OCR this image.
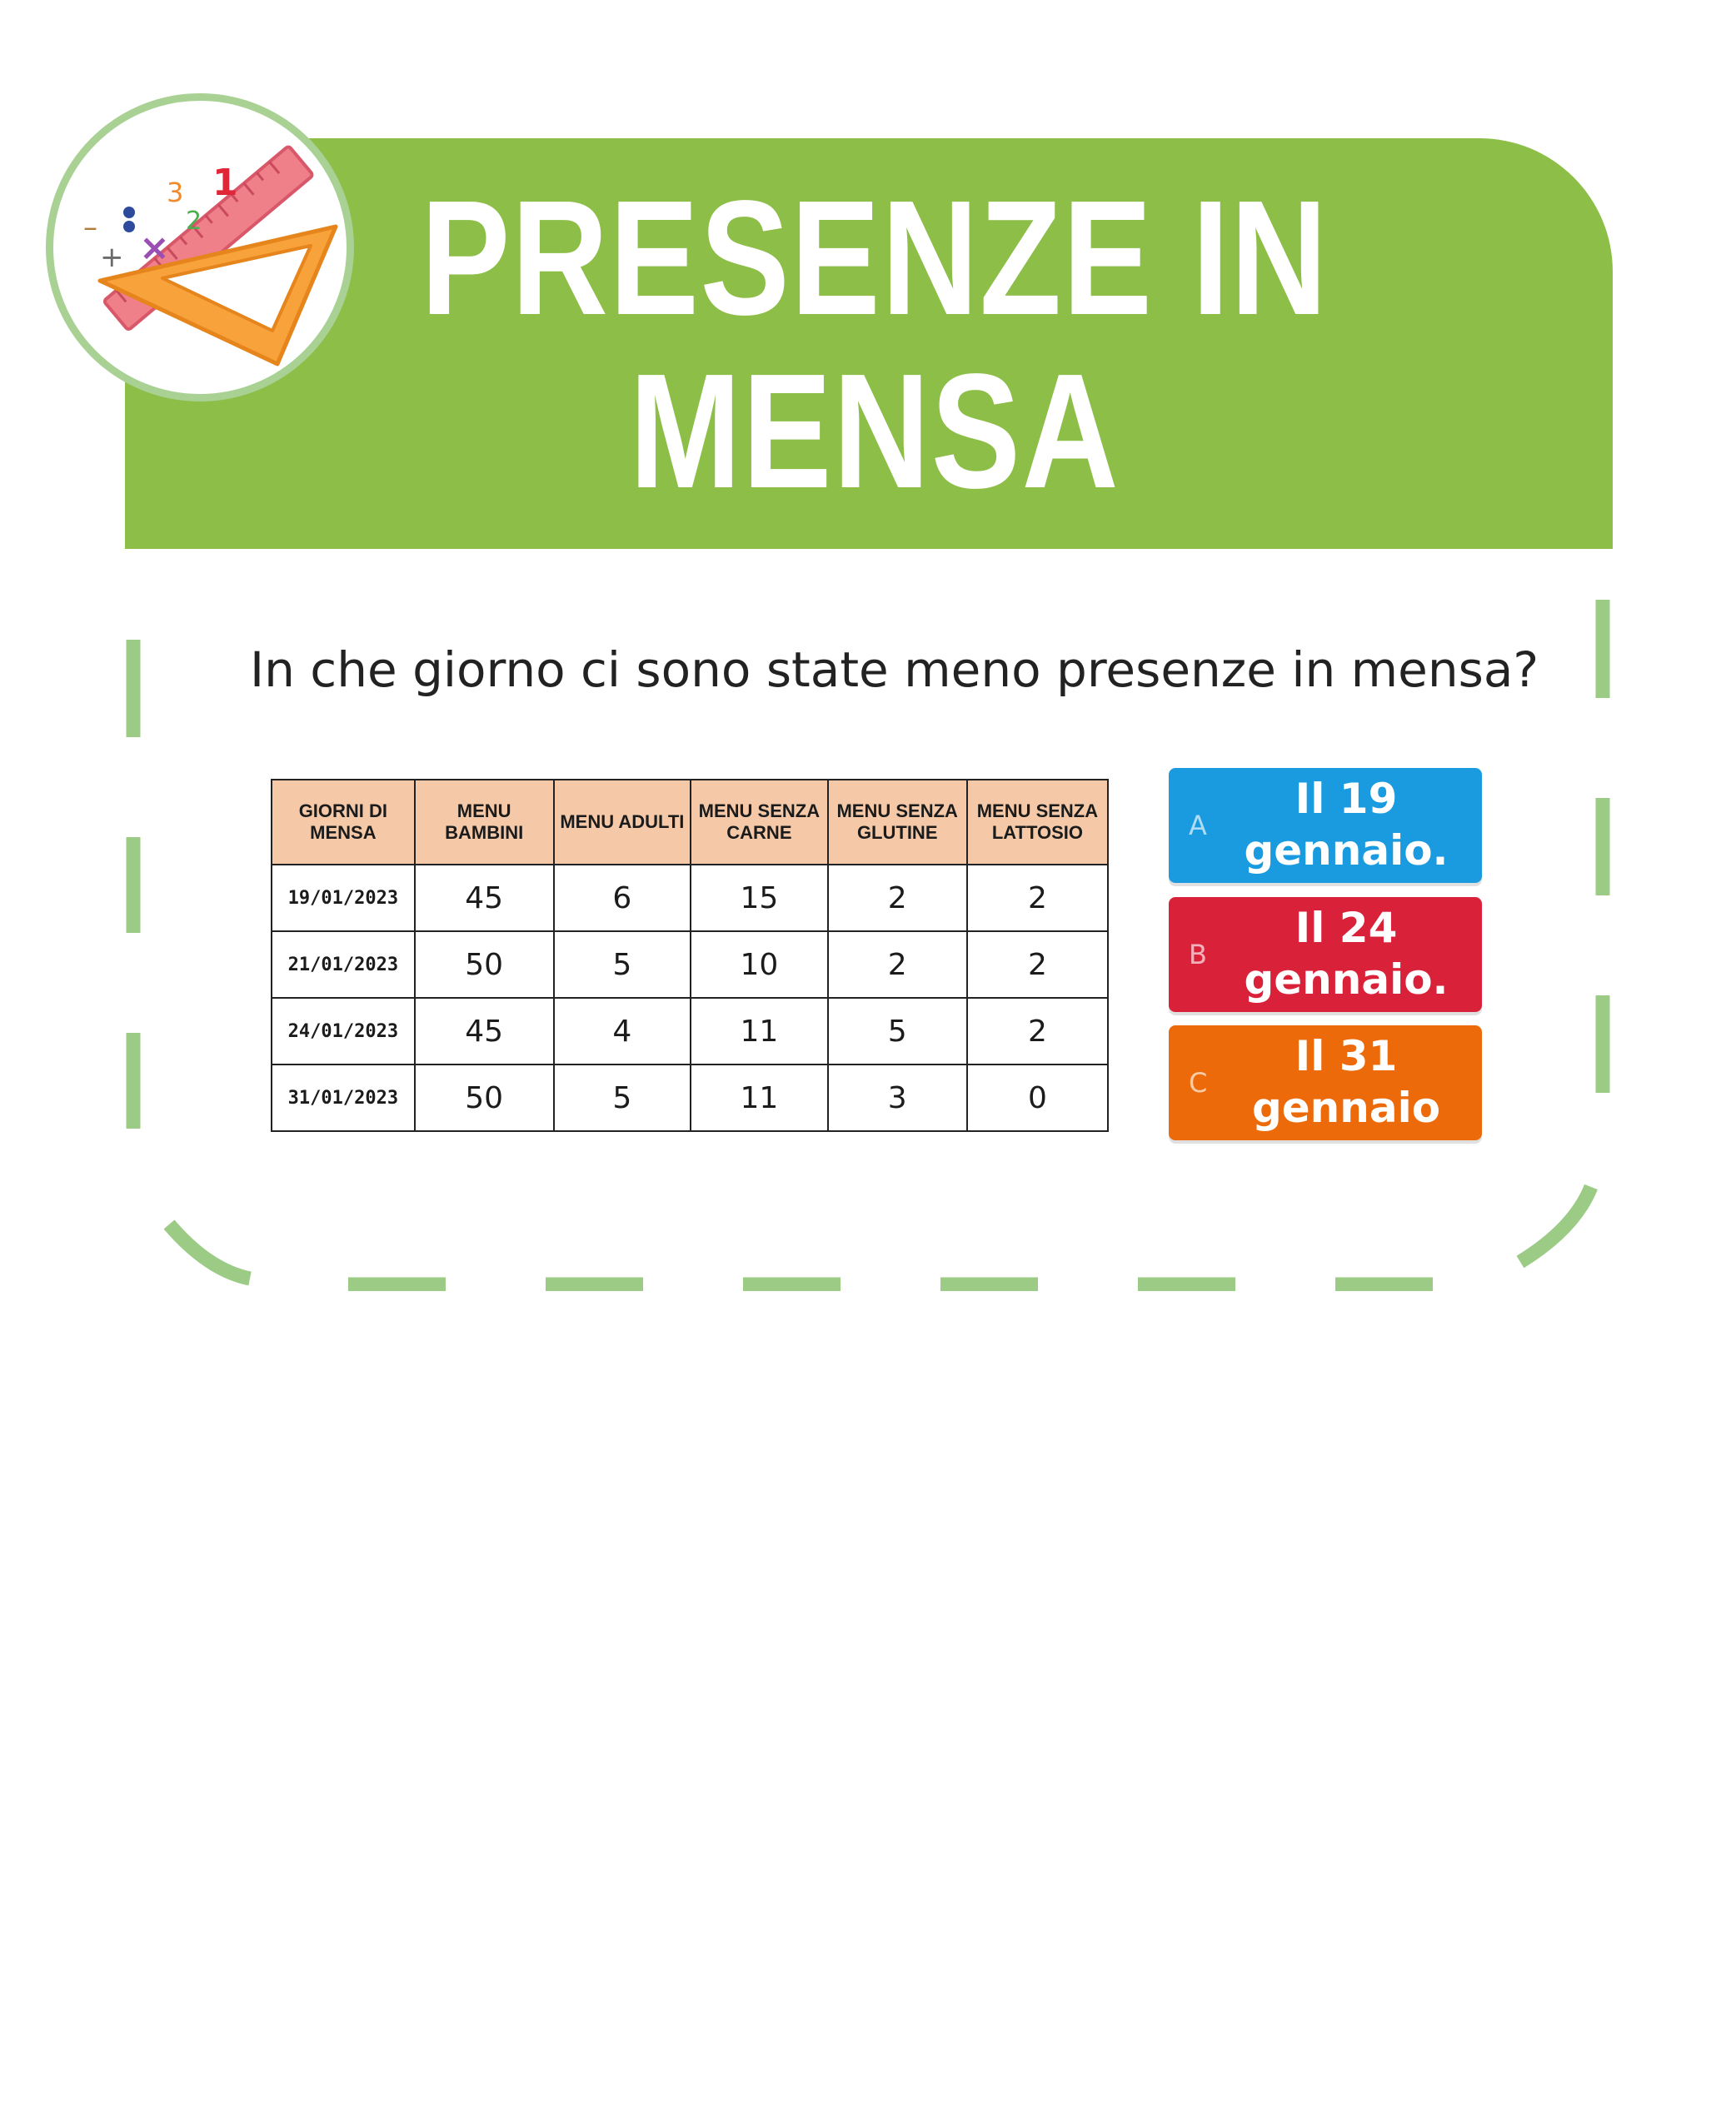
PRESENZE IN
MENSA
1
3
2
– ×
+
In che giorno ci sono state meno presenze in mensa?
GIORNI DI MENSA	MENU BAMBINI	MENU ADULTI	MENU SENZA CARNE	MENU SENZA GLUTINE	MENU SENZA LATTOSIO
19/01/2023	45	6	15	2	2
21/01/2023	50	5	10	2	2
24/01/2023	45	4	11	5	2
31/01/2023	50	5	11	3	0
A
Il 19 gennaio.
B
Il 24 gennaio.
C
Il 31 gennaio
